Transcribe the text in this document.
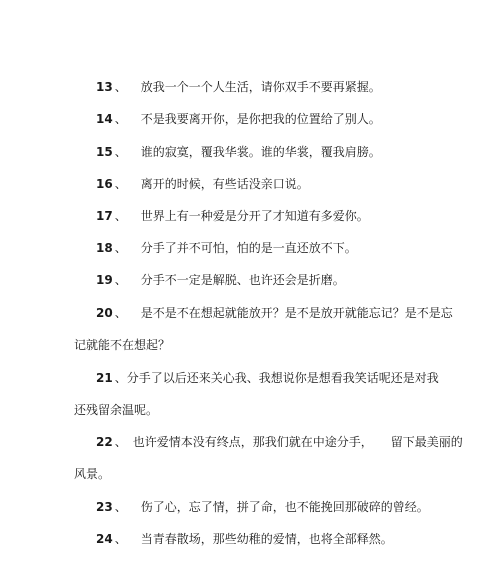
13 、 放我一个一个人生活，请你双手不要再紧握。
14 、 不是我要离开你，是你把我的位置给了别人。
15 、 谁的寂寞，覆我华裳。谁的华裳，覆我肩膀。
16 、 离开的时候，有些话没亲口说。
17 、 世界上有一种爱是分开了才知道有多爱你。
18 、 分手了并不可怕，怕的是一直还放不下。
19 、 分手不一定是解脱、也许还会是折磨。
20 、 是不是不在想起就能放开？是不是放开就能忘记？是不是忘
记就能不在想起？
21 、分手了以后还来关心我、我想说你是想看我笑话呢还是对我
还残留余温呢。
22 、 也许爱情本没有终点，那我们就在中途分手，　　留下最美丽的
风景。
23 、 伤了心，忘了情，拼了命，也不能挽回那破碎的曾经。
24 、 当青春散场，那些幼稚的爱情，也将全部释然。
